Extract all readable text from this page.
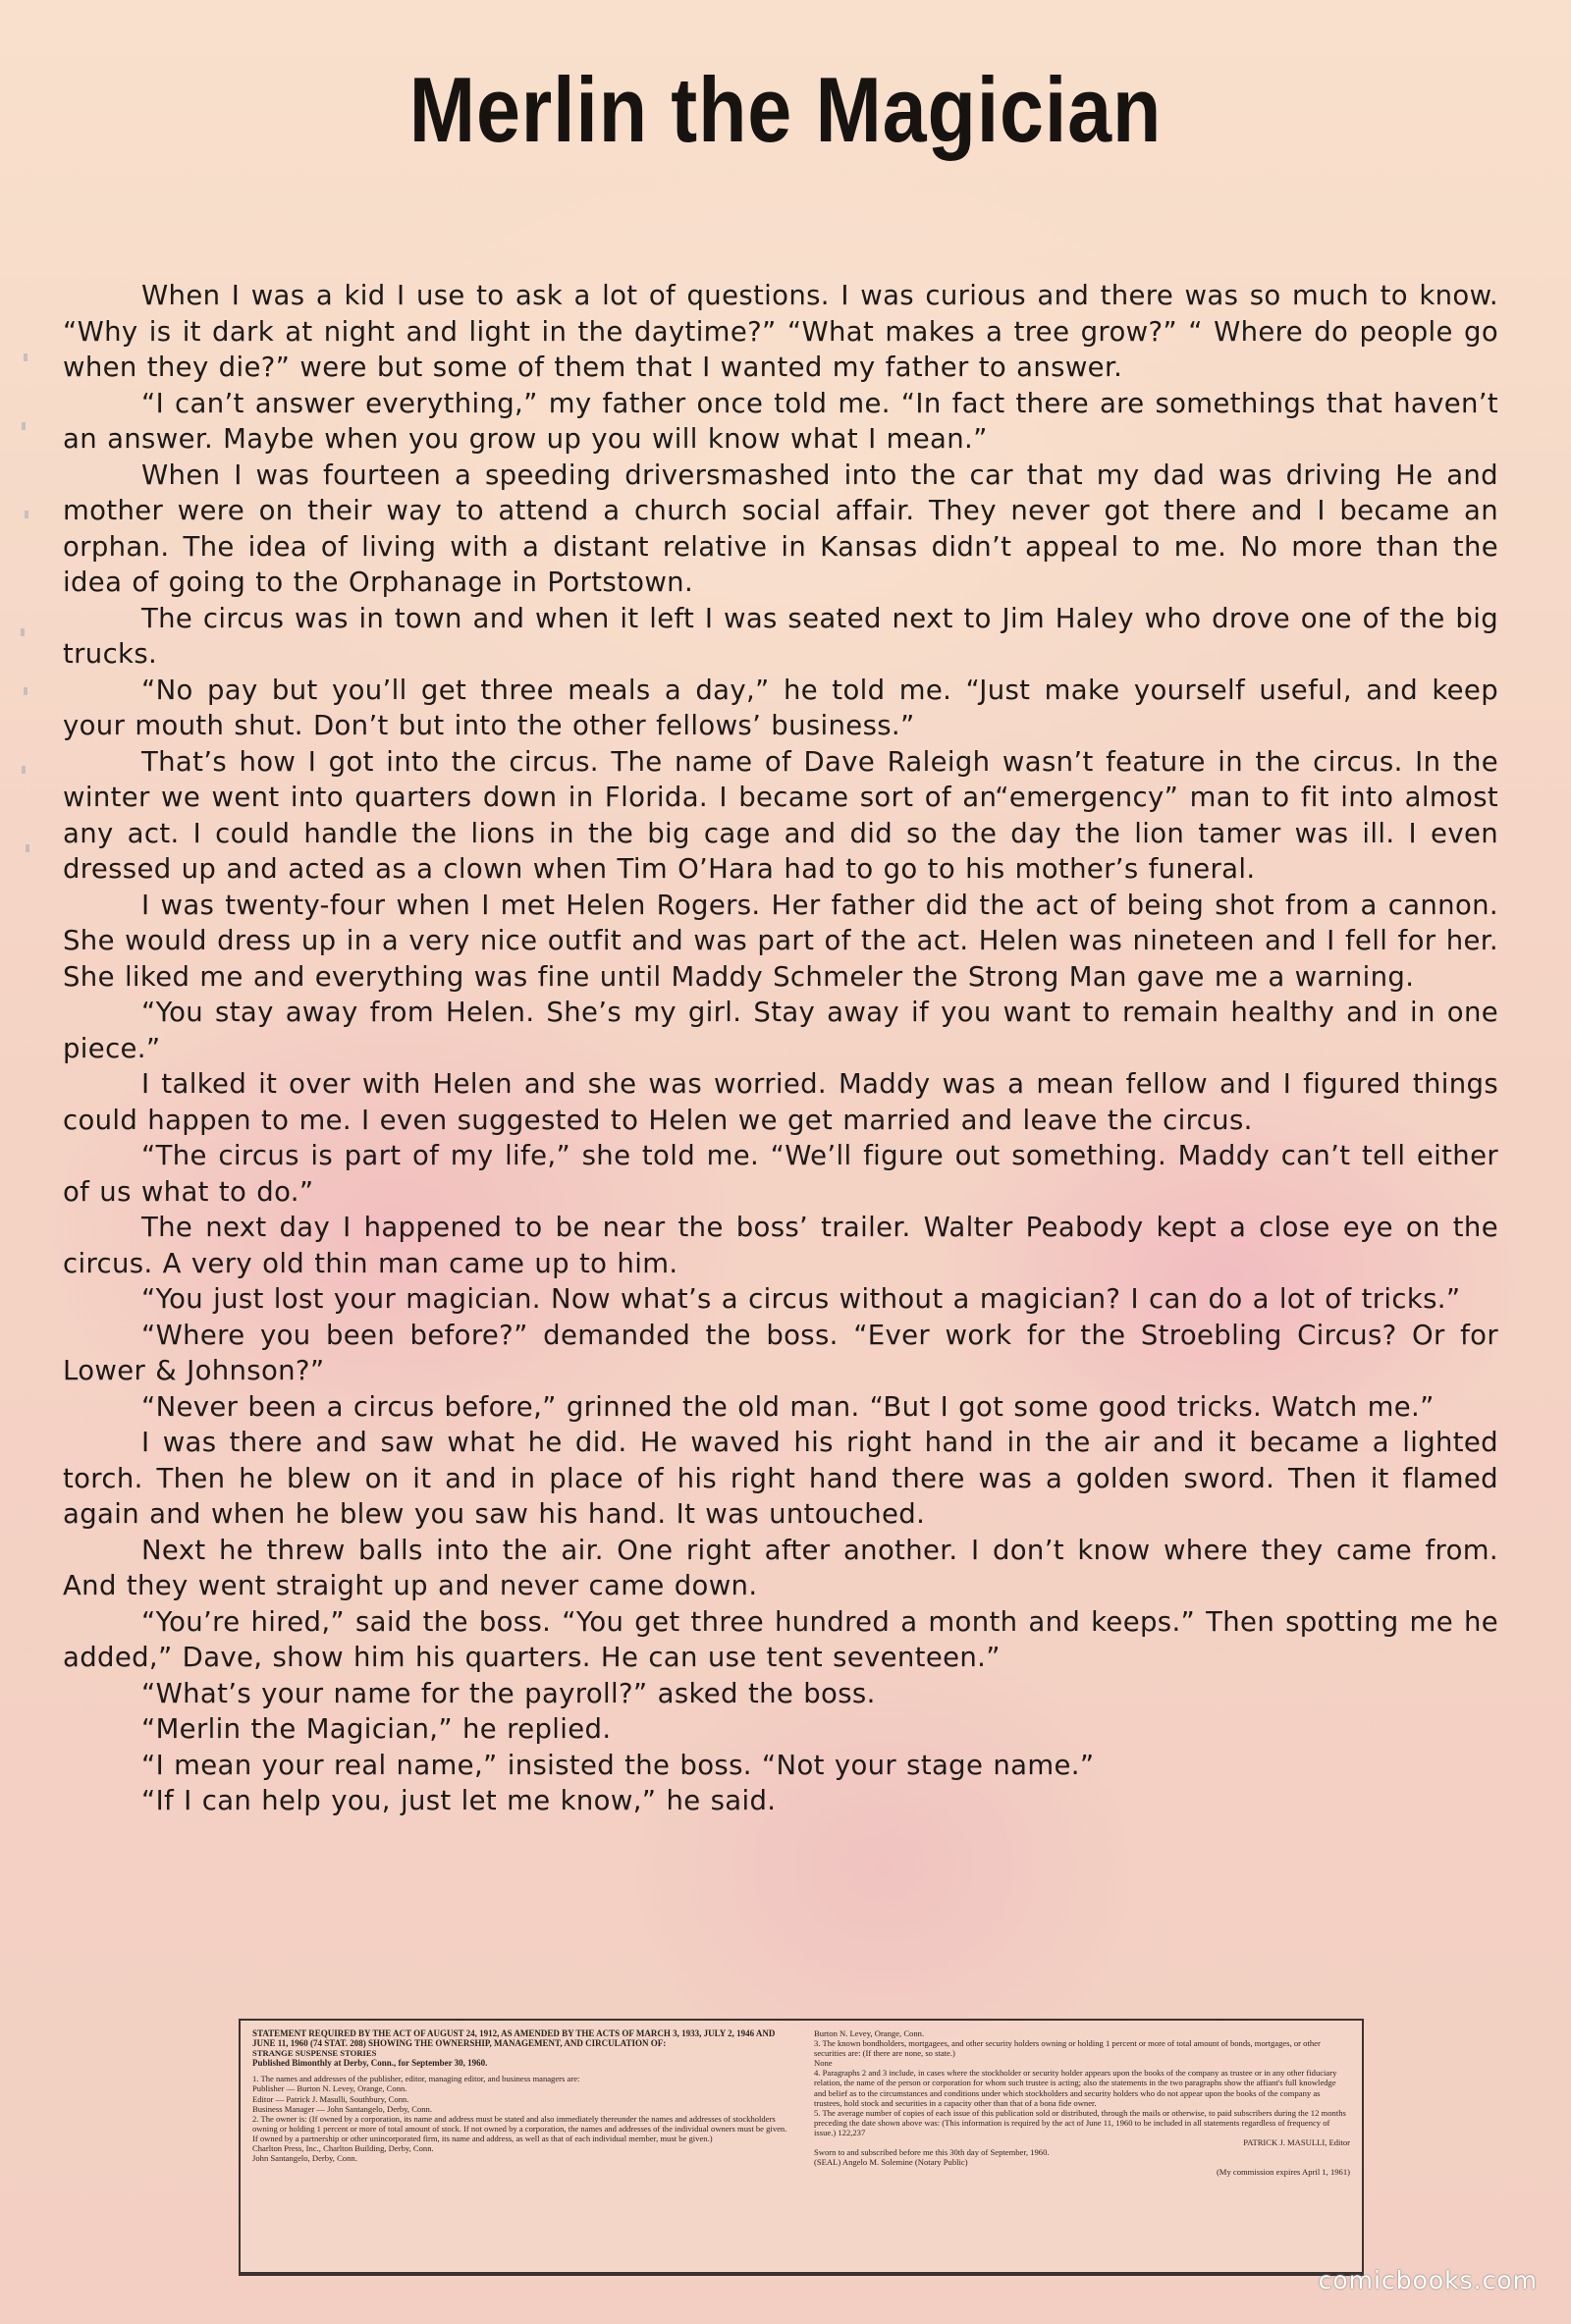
Merlin the Magician

When I was a kid I use to ask a lot of questions. I was curious and there was so much to know. “Why is it dark at night and light in the daytime?” “What makes a tree grow?” “ Where do people go when they die?” were but some of them that I wanted my father to answer.

“I can’t answer everything,” my father once told me. “In fact there are somethings that haven’t an answer. Maybe when you grow up you will know what I mean.”

When I was fourteen a speeding driversmashed into the car that my dad was driving He and mother were on their way to attend a church social affair. They never got there and I became an orphan. The idea of living with a distant relative in Kansas didn’t appeal to me. No more than the idea of going to the Orphanage in Portstown.

The circus was in town and when it left I was seated next to Jim Haley who drove one of the big trucks.

“No pay but you’ll get three meals a day,” he told me. “Just make yourself useful, and keep your mouth shut. Don’t but into the other fellows’ business.”

That’s how I got into the circus. The name of Dave Raleigh wasn’t feature in the circus. In the winter we went into quarters down in Florida. I became sort of an“emergency” man to fit into almost any act. I could handle the lions in the big cage and did so the day the lion tamer was ill. I even dressed up and acted as a clown when Tim O’Hara had to go to his mother’s funeral.

I was twenty-four when I met Helen Rogers. Her father did the act of being shot from a cannon. She would dress up in a very nice outfit and was part of the act. Helen was nineteen and I fell for her. She liked me and everything was fine until Maddy Schmeler the Strong Man gave me a warning.

“You stay away from Helen. She’s my girl. Stay away if you want to remain healthy and in one piece.”

I talked it over with Helen and she was worried. Maddy was a mean fellow and I figured things could happen to me. I even suggested to Helen we get married and leave the circus.

“The circus is part of my life,” she told me. “We’ll figure out something. Maddy can’t tell either of us what to do.”

The next day I happened to be near the boss’ trailer. Walter Peabody kept a close eye on the circus. A very old thin man came up to him.

“You just lost your magician. Now what’s a circus without a magician? I can do a lot of tricks.”

“Where you been before?” demanded the boss. “Ever work for the Stroebling Circus? Or for Lower & Johnson?”

“Never been a circus before,” grinned the old man. “But I got some good tricks. Watch me.”

I was there and saw what he did. He waved his right hand in the air and it became a lighted torch. Then he blew on it and in place of his right hand there was a golden sword. Then it flamed again and when he blew you saw his hand. It was untouched.

Next he threw balls into the air. One right after another. I don’t know where they came from. And they went straight up and never came down.

“You’re hired,” said the boss. “You get three hundred a month and keeps.” Then spotting me he added,” Dave, show him his quarters. He can use tent seventeen.”

“What’s your name for the payroll?” asked the boss.

“Merlin the Magician,” he replied.

“I mean your real name,” insisted the boss. “Not your stage name.”

“If I can help you, just let me know,” he said.

STATEMENT REQUIRED BY THE ACT OF AUGUST 24, 1912, AS AMENDED BY THE ACTS OF MARCH 3, 1933, JULY 2, 1946 AND JUNE 11, 1960 (74 STAT. 208) SHOWING THE OWNERSHIP, MANAGEMENT, AND CIRCULATION OF:
STRANGE SUSPENSE STORIES
Published Bimonthly at Derby, Conn., for September 30, 1960.
1. The names and addresses of the publisher, editor, managing editor, and business managers are:
Publisher — Burton N. Levey, Orange, Conn.
Editor — Patrick J. Masulli, Southbury, Conn.
Business Manager — John Santangelo, Derby, Conn.
2. The owner is: (If owned by a corporation, its name and address must be stated and also immediately thereunder the names and addresses of stockholders owning or holding 1 percent or more of total amount of stock. If not owned by a corporation, the names and addresses of the individual owners must be given. If owned by a partnership or other unincorporated firm, its name and address, as well as that of each individual member, must be given.)
Charlton Press, Inc., Charlton Building, Derby, Conn.
John Santangelo, Derby, Conn.
Burton N. Levey, Orange, Conn.
3. The known bondholders, mortgagees, and other security holders owning or holding 1 percent or more of total amount of bonds, mortgages, or other securities are: (If there are none, so state.)
None
4. Paragraphs 2 and 3 include, in cases where the stockholder or security holder appears upon the books of the company as trustee or in any other fiduciary relation, the name of the person or corporation for whom such trustee is acting; also the statements in the two paragraphs show the affiant's full knowledge and belief as to the circumstances and conditions under which stockholders and security holders who do not appear upon the books of the company as trustees, hold stock and securities in a capacity other than that of a bona fide owner.
5. The average number of copies of each issue of this publication sold or distributed, through the mails or otherwise, to paid subscribers during the 12 months preceding the date shown above was: (This information is required by the act of June 11, 1960 to be included in all statements regardless of frequency of issue.) 122,237
PATRICK J. MASULLI, Editor
Sworn to and subscribed before me this 30th day of September, 1960.
(SEAL) Angelo M. Solemine (Notary Public)
(My commission expires April 1, 1961)
comicbooks.com
